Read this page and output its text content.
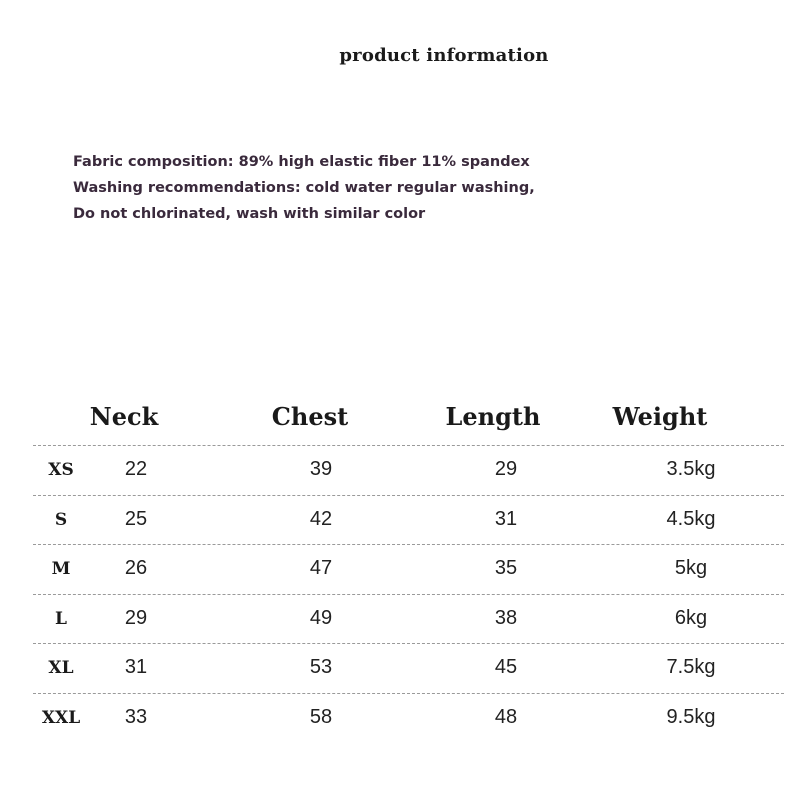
product information
Fabric composition: 89% high elastic fiber 11% spandex
Washing recommendations: cold water regular washing,
Do not chlorinated, wash with similar color
Neck	Chest	Length	Weight
XS	22	39	29	3.5kg
S	25	42	31	4.5kg
M	26	47	35	5kg
L	29	49	38	6kg
XL	31	53	45	7.5kg
XXL 33	58	48	9.5kg
